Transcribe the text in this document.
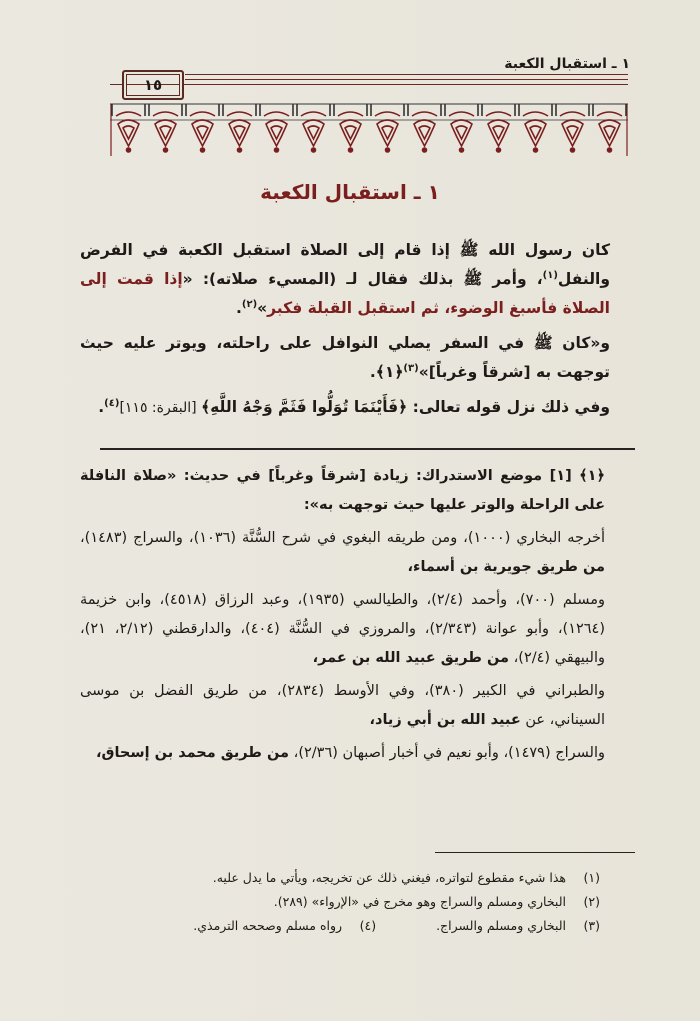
١ ـ استقبال الكعبة
١٥
١ ـ استقبال الكعبة

كان رسول الله ﷺ إذا قام إلى الصلاة استقبل الكعبة في الفرض والنفل$^{(١)}$، وأمر ﷺ بذلك فقال لـ (المسيء صلاته): «إذا قمت إلى الصلاة فأسبغ الوضوء، ثم استقبل القبلة فكبر»$^{(٢)}$.

و«كان ﷺ في السفر يصلي النوافل على راحلته، ويوتر عليه حيث توجهت به [شرقاً وغرباً]»$^{(٣)}$﴿١﴾.

وفي ذلك نزل قوله تعالى: ﴿فَأَيْنَمَا تُوَلُّوا فَثَمَّ وَجْهُ اللَّهِ﴾ [البقرة: ١١٥]$^{(٤)}$.

﴿١﴾ [١] موضع الاستدراك: زيادة [شرقاً وغرباً] في حديث: «صلاة النافلة على الراحلة والوتر عليها حيث توجهت به»:

أخرجه البخاري (١٠٠٠)، ومن طريقه البغوي في شرح السُّنَّة (١٠٣٦)، والسراج (١٤٨٣)، من طريق جويرية بن أسماء،

ومسلم (٧٠٠)، وأحمد (٢/٤)، والطيالسي (١٩٣٥)، وعبد الرزاق (٤٥١٨)، وابن خزيمة (١٢٦٤)، وأبو عوانة (٢/٣٤٣)، والمروزي في السُّنَّة (٤٠٤)، والدارقطني (٢/١٢، ٢١)، والبيهقي (٢/٤)، من طريق عبيد الله بن عمر،

والطبراني في الكبير (٣٨٠)، وفي الأوسط (٢٨٣٤)، من طريق الفضل بن موسى السيناني، عن عبيد الله بن أبي زياد،

والسراج (١٤٧٩)، وأبو نعيم في أخبار أصبهان (٢/٣٦)، من طريق محمد بن إسحاق،

(١)هذا شيء مقطوع لتواتره، فيغني ذلك عن تخريجه، ويأتي ما يدل عليه.
(٢)البخاري ومسلم والسراج وهو مخرج في «الإرواء» (٢٨٩).
(٣)البخاري ومسلم والسراج.(٤)رواه مسلم وصححه الترمذي.
